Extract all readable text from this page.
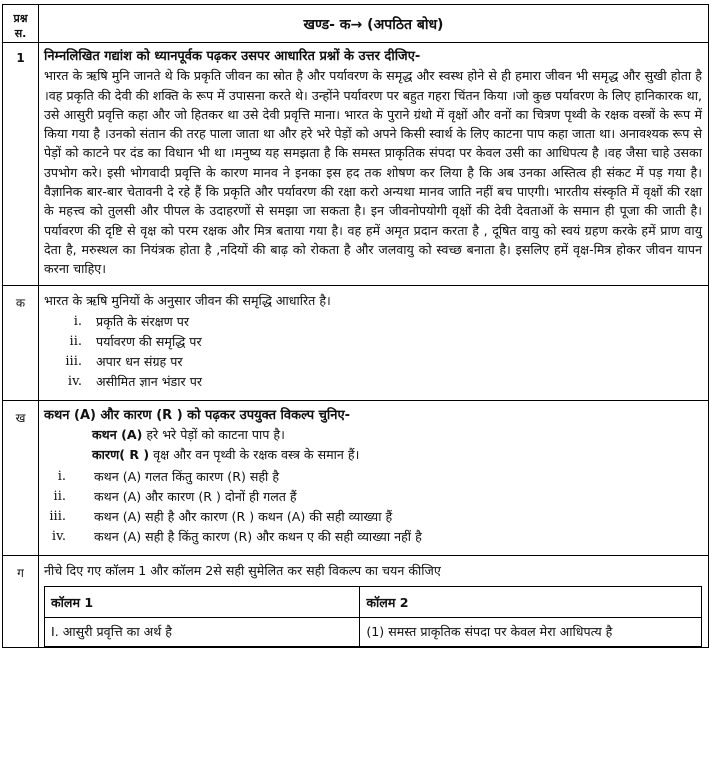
प्रश्न
स.
	खण्ड- क→ (अपठित बोध)
1	निम्नलिखित गद्यांश को ध्यानपूर्वक पढ़कर उसपर आधारित प्रश्नों के उत्तर दीजिए-
भारत के ऋषि मुनि जानते थे कि प्रकृति जीवन का स्रोत है और पर्यावरण के समृद्ध और स्वस्थ होने से ही हमारा जीवन भी समृद्ध और सुखी होता है ।वह प्रकृति की देवी की शक्ति के रूप में उपासना करते थे। उन्होंने पर्यावरण पर बहुत गहरा चिंतन किया ।जो कुछ पर्यावरण के लिए हानिकारक था, उसे आसुरी प्रवृत्ति कहा और जो हितकर था उसे देवी प्रवृत्ति माना। भारत के पुराने ग्रंथो में वृक्षों और वनों का चित्रण पृथ्वी के रक्षक वस्त्रों के रूप में किया गया है ।उनको संतान की तरह पाला जाता था और हरे भरे पेड़ों को अपने किसी स्वार्थ के लिए काटना पाप कहा जाता था। अनावश्यक रूप से पेड़ों को काटने पर दंड का विधान भी था ।मनुष्य यह समझता है कि समस्त प्राकृतिक संपदा पर केवल उसी का आधिपत्य है ।वह जैसा चाहे उसका उपभोग करे। इसी भोगवादी प्रवृत्ति के कारण मानव ने इनका इस हद तक शोषण कर लिया है कि अब उनका अस्तित्व ही संकट में पड़ गया है। वैज्ञानिक बार-बार चेतावनी दे रहे हैं कि प्रकृति और पर्यावरण की रक्षा करो अन्यथा मानव जाति नहीं बच पाएगी। भारतीय संस्कृति में वृक्षों की रक्षा के महत्त्व को तुलसी और पीपल के उदाहरणों से समझा जा सकता है। इन जीवनोपयोगी वृक्षों की देवी देवताओं के समान ही पूजा की जाती है। पर्यावरण की दृष्टि से वृक्ष को परम रक्षक और मित्र बताया गया है। वह हमें अमृत प्रदान करता है , दूषित वायु को स्वयं ग्रहण करके हमें प्राण वायु देता है, मरुस्थल का नियंत्रक होता है ,नदियों की बाढ़ को रोकता है और जलवायु को स्वच्छ बनाता है। इसलिए हमें वृक्ष-मित्र होकर जीवन यापन करना चाहिए।

क	भारत के ऋषि मुनियों के अनुसार जीवन की समृद्धि आधारित है।
i.	प्रकृति के संरक्षण पर
ii.	पर्यावरण की समृद्धि पर
iii.	अपार धन संग्रह पर
iv.	असीमित ज्ञान भंडार पर

ख	कथन (A) और कारण (R ) को पढ़कर उपयुक्त विकल्प चुनिए-
कथन (A) हरे भरे पेड़ों को काटना पाप है।
कारण( R ) वृक्ष और वन पृथ्वी के रक्षक वस्त्र के समान हैं।
i.	कथन (A) गलत किंतु कारण (R) सही है
ii.	कथन (A) और कारण (R ) दोनों ही गलत हैं
iii.	कथन (A) सही है और कारण (R ) कथन (A) की सही व्याख्या हैं
iv.	कथन (A) सही है किंतु कारण (R) और कथन ए की सही व्याख्या नहीं है

ग	नीचे दिए गए कॉलम 1 और कॉलम 2से सही सुमेलित कर सही विकल्प का चयन कीजिए
कॉलम 1	कॉलम 2
I. आसुरी प्रवृत्ति का अर्थ है	(1) समस्त प्राकृतिक संपदा पर केवल मेरा आधिपत्य है
